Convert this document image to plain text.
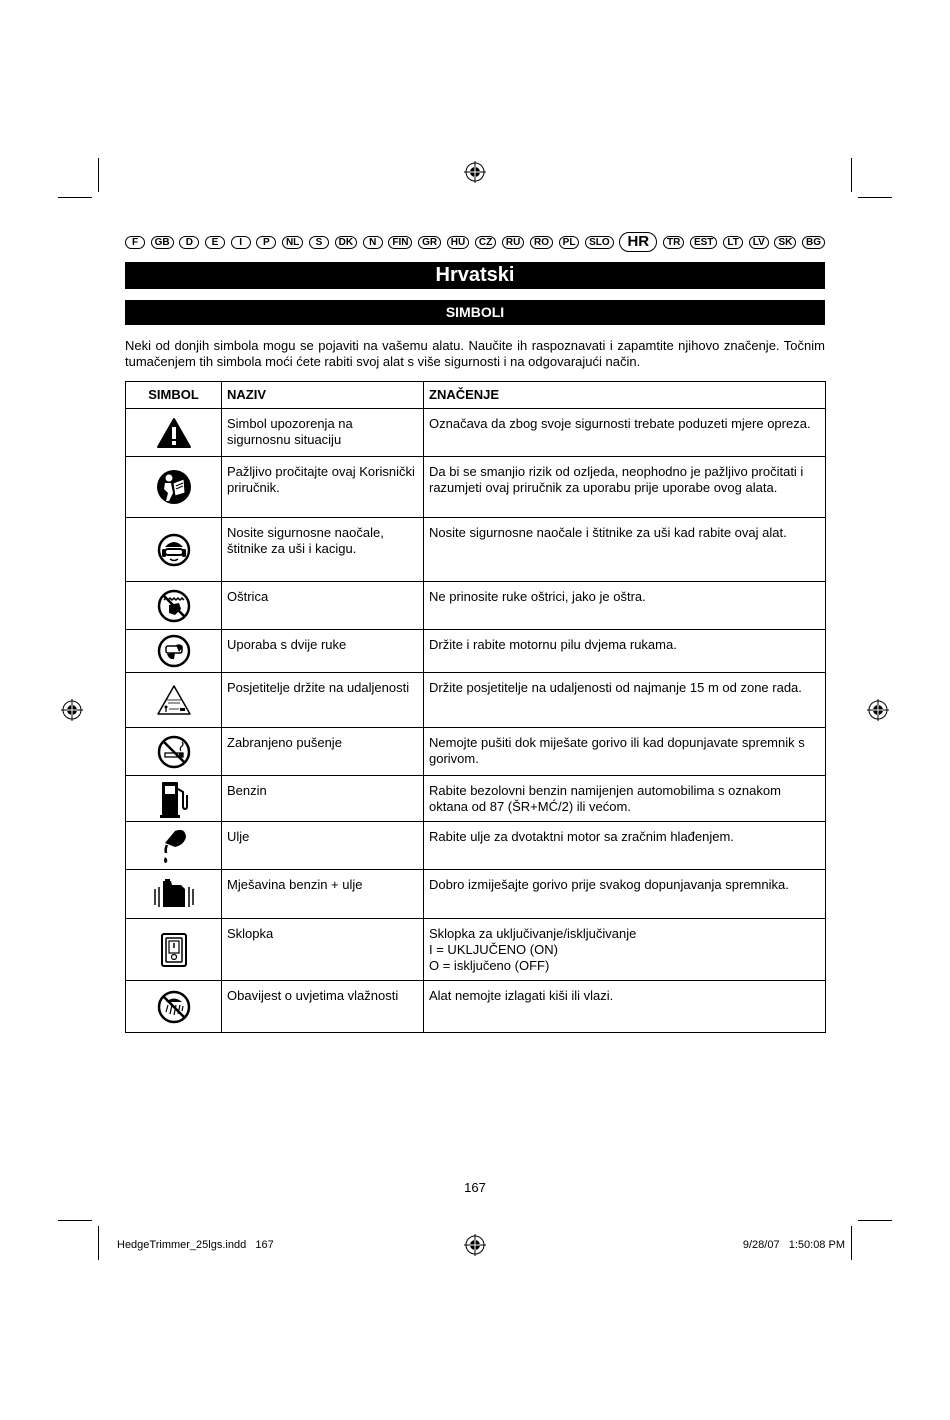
F	GB	D	E	I	P	NL	S	DK	N	FIN	GR	HU	CZ	RU	RO	PL	SLO	HR	TR	EST	LT	LV	SK	BG
Hrvatski
SIMBOLI
Neki od donjih simbola mogu se pojaviti na vašemu alatu. Naučite ih raspoznavati i zapamtite njihovo značenje. Točnim tumačenjem tih simbola moći ćete rabiti svoj alat s više sigurnosti i na odgovarajući način.
SIMBOL	NAZIV	ZNAČENJE
	Simbol upozorenja na sigurnosnu situaciju	Označava da zbog svoje sigurnosti trebate poduzeti mjere opreza.
	Pažljivo pročitajte ovaj Korisnički priručnik.	Da bi se smanjio rizik od ozljeda, neophodno je pažljivo pročitati i razumjeti ovaj priručnik za uporabu prije uporabe ovog alata.
	Nosite sigurnosne naočale, štitnike za uši i kacigu.	Nosite sigurnosne naočale i štitnike za uši kad rabite ovaj alat.
	Oštrica	Ne prinosite ruke oštrici, jako je oštra.
	Uporaba s dvije ruke	Držite i rabite motornu pilu dvjema rukama.
	Posjetitelje držite na udaljenosti	Držite posjetitelje na udaljenosti od najmanje 15 m od zone rada.
	Zabranjeno pušenje	Nemojte pušiti dok miješate gorivo ili kad dopunjavate spremnik s gorivom.
	Benzin	Rabite bezolovni benzin namijenjen automobilima s oznakom oktana od 87 (ŠR+MĆ/2) ili većom.
	Ulje	Rabite ulje za dvotaktni motor sa zračnim hlađenjem.
	Mješavina benzin + ulje	Dobro izmiješajte gorivo prije svakog dopunjavanja spremnika.
	Sklopka	Sklopka za uključivanje/isključivanje
I = UKLJUČENO (ON)
O = isključeno (OFF)
	Obavijest o uvjetima vlažnosti	Alat nemojte izlagati kiši ili vlazi.
167
HedgeTrimmer_25lgs.indd   167	9/28/07   1:50:08 PM
